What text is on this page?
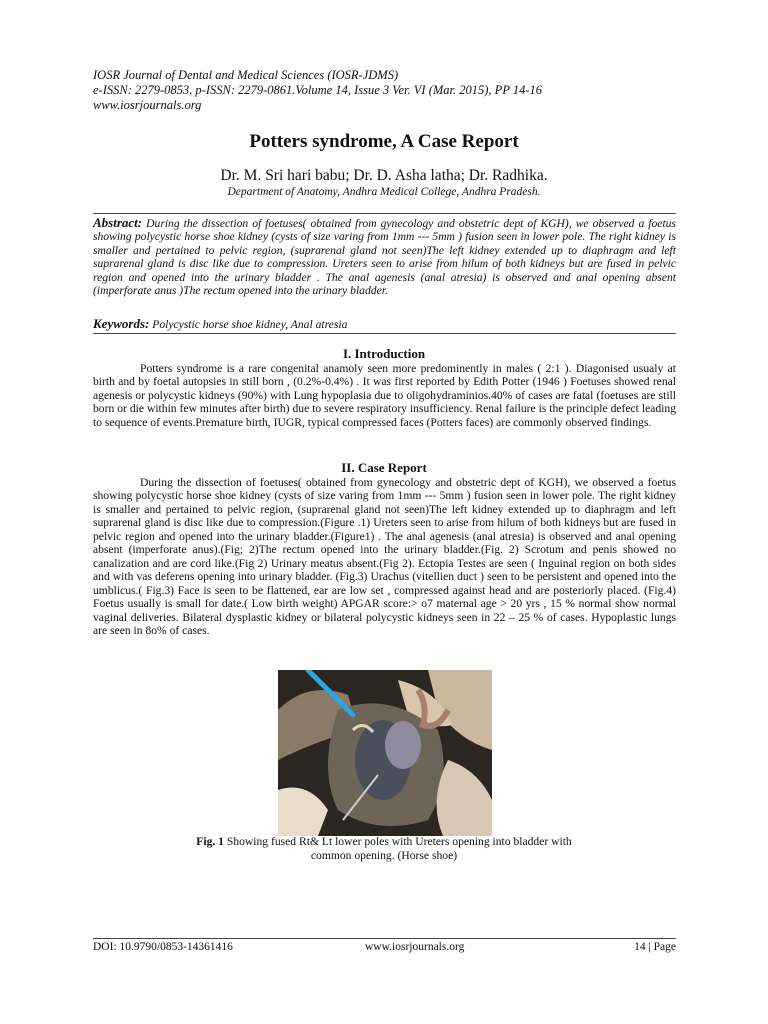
IOSR Journal of Dental and Medical Sciences (IOSR-JDMS)
e-ISSN: 2279-0853, p-ISSN: 2279-0861.Volume 14, Issue 3 Ver. VI (Mar. 2015), PP 14-16
www.iosrjournals.org
Potters syndrome, A Case Report
Dr. M. Sri hari babu; Dr. D. Asha latha; Dr. Radhika.
Department of Anatomy, Andhra Medical College, Andhra Pradesh.
Abstract: During the dissection of foetuses( obtained from gynecology and obstetric dept of KGH), we observed a foetus showing polycystic horse shoe kidney (cysts of size varing from 1mm --- 5mm ) fusion seen in lower pole. The right kidney is smaller and pertained to pelvic region, (suprarenal gland not seen)The left kidney extended up to diaphragm and left suprarenal gland is disc like due to compression. Ureters seen to arise from hilum of both kidneys but are fused in pelvic region and opened into the urinary bladder . The anal agenesis (anal atresia) is observed and anal opening absent (imperforate anus )The rectum opened into the urinary bladder.
Keywords: Polycystic horse shoe kidney, Anal atresia
I. Introduction

Potters syndrome is a rare congenital anamoly seen more predominently in males ( 2:1 ). Diagonised usualy at birth and by foetal autopsies in still born , (0.2%-0.4%) . It was first reported by Edith Potter (1946 ) Foetuses showed renal agenesis or polycystic kidneys (90%) with Lung hypoplasia due to oligohydraminios.40% of cases are fatal (foetuses are still born or die within few minutes after birth) due to severe respiratory insufficiency. Renal failure is the principle defect leading to sequence of events.Premature birth, IUGR, typical compressed faces (Potters faces) are commonly observed findings.

II. Case Report

During the dissection of foetuses( obtained from gynecology and obstetric dept of KGH), we observed a foetus showing polycystic horse shoe kidney (cysts of size varing from 1mm --- 5mm ) fusion seen in lower pole. The right kidney is smaller and pertained to pelvic region, (suprarenal gland not seen)The left kidney extended up to diaphragm and left suprarenal gland is disc like due to compression.(Figure .1) Ureters seen to arise from hilum of both kidneys but are fused in pelvic region and opened into the urinary bladder.(Figure1) . The anal agenesis (anal atresia) is observed and anal opening absent (imperforate anus).(Fig; 2)The rectum opened into the urinary bladder.(Fig. 2) Scrotum and penis showed no canalization and are cord like.(Fig 2) Urinary meatus absent.(Fig 2). Ectopia Testes are seen ( Inguinal region on both sides and with vas deferens opening into urinary bladder. (Fig.3) Urachus (vitellien duct ) seen to be persistent and opened into the umblicus.( Fig.3) Face is seen to be flattened, ear are low set , compressed against head and are posteriorly placed. (Fig.4) Foetus usually is small for date.( Low birth weight) APGAR score:> o7 maternal age > 20 yrs , 15 % normal show normal vaginal deliveries. Bilateral dysplastic kidney or bilateral polycystic kidneys seen in 22 – 25 % of cases. Hypoplastic lungs are seen in 8o% of cases.

Fig. 1 Showing fused Rt& Lt lower poles with Ureters opening into bladder with
common opening. (Horse shoe)
DOI: 10.9790/0853-14361416	www.iosrjournals.org	14 | Page
